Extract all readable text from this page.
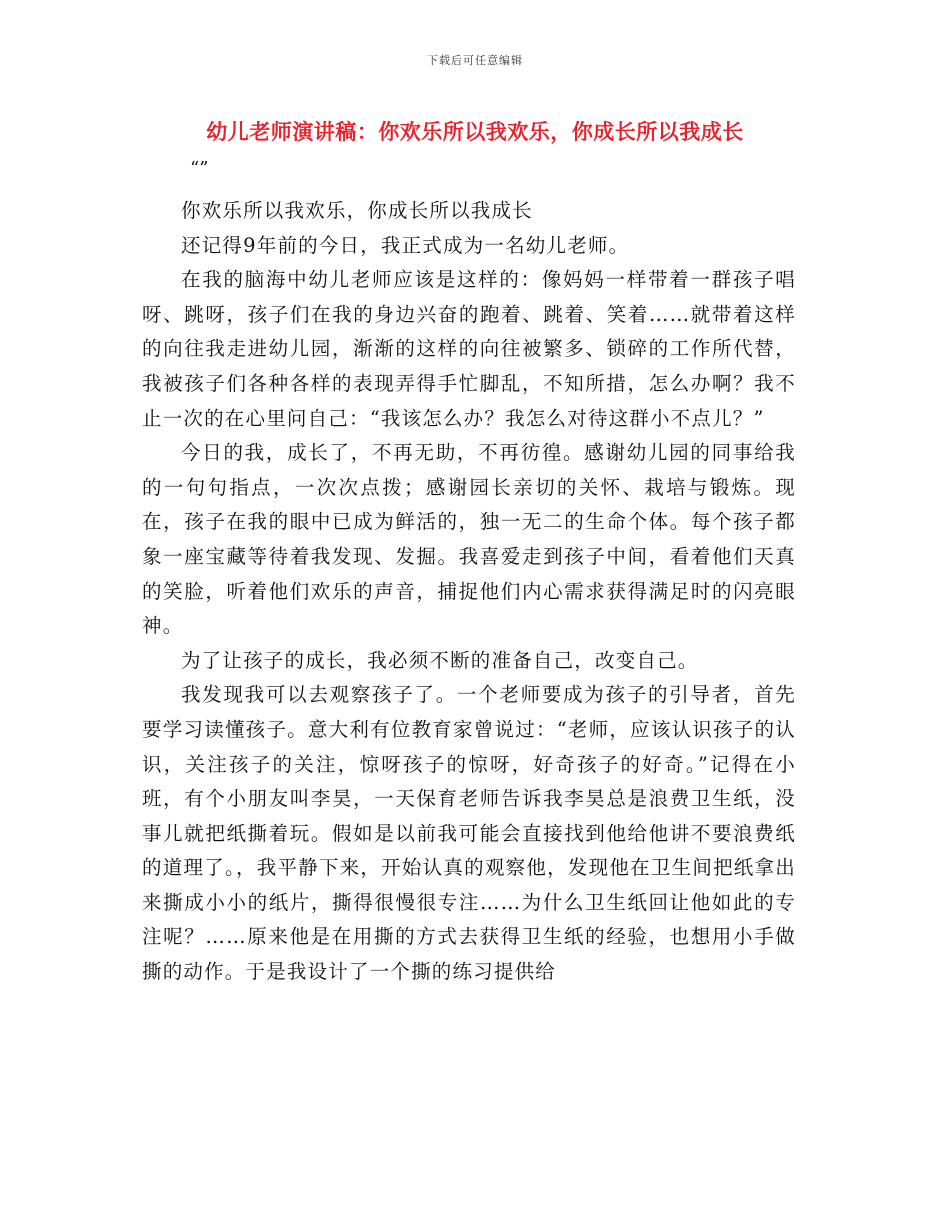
下载后可任意编辑
幼儿老师演讲稿：你欢乐所以我欢乐，你成长所以我成长
“”

你欢乐所以我欢乐，你成长所以我成长

还记得9年前的今日，我正式成为一名幼儿老师。

在我的脑海中幼儿老师应该是这样的：像妈妈一样带着一群孩子唱呀、跳呀，孩子们在我的身边兴奋的跑着、跳着、笑着……就带着这样的向往我走进幼儿园，渐渐的这样的向往被繁多、锁碎的工作所代替，我被孩子们各种各样的表现弄得手忙脚乱，不知所措，怎么办啊？我不止一次的在心里问自己：“我该怎么办？我怎么对待这群小不点儿？”

今日的我，成长了，不再无助，不再彷徨。感谢幼儿园的同事给我的一句句指点，一次次点拨；感谢园长亲切的关怀、栽培与锻炼。现在，孩子在我的眼中已成为鲜活的，独一无二的生命个体。每个孩子都象一座宝藏等待着我发现、发掘。我喜爱走到孩子中间，看着他们天真的笑脸，听着他们欢乐的声音，捕捉他们内心需求获得满足时的闪亮眼神。

为了让孩子的成长，我必须不断的准备自己，改变自己。

我发现我可以去观察孩子了。一个老师要成为孩子的引导者，首先要学习读懂孩子。意大利有位教育家曾说过：“老师，应该认识孩子的认识，关注孩子的关注，惊呀孩子的惊呀，好奇孩子的好奇。”记得在小班，有个小朋友叫李昊，一天保育老师告诉我李昊总是浪费卫生纸，没事儿就把纸撕着玩。假如是以前我可能会直接找到他给他讲不要浪费纸的道理了。，我平静下来，开始认真的观察他，发现他在卫生间把纸拿出来撕成小小的纸片，撕得很慢很专注……为什么卫生纸回让他如此的专注呢？……原来他是在用撕的方式去获得卫生纸的经验，也想用小手做撕的动作。于是我设计了一个撕的练习提供给
